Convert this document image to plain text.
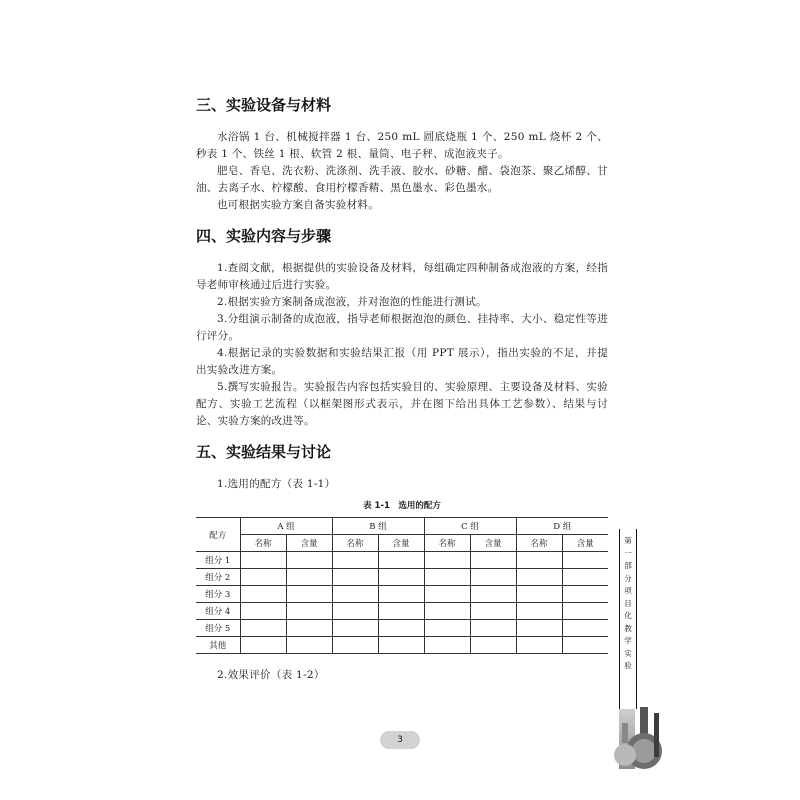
三、实验设备与材料

水浴锅 1 台、机械搅拌器 1 台、250 mL 圆底烧瓶 1 个、250 mL 烧杯 2 个、秒表 1 个、铁丝 1 根、软管 2 根、量筒、电子秤、成泡液夹子。

肥皂、香皂、洗衣粉、洗涤剂、洗手液、胶水、砂糖、醋、袋泡茶、聚乙烯醇、甘油、去离子水、柠檬酸、食用柠檬香精、黑色墨水、彩色墨水。

也可根据实验方案自备实验材料。

四、实验内容与步骤

1.查阅文献，根据提供的实验设备及材料，每组确定四种制备成泡液的方案，经指导老师审核通过后进行实验。

2.根据实验方案制备成泡液，并对泡泡的性能进行测试。

3.分组演示制备的成泡液，指导老师根据泡泡的颜色、挂持率、大小、稳定性等进行评分。

4.根据记录的实验数据和实验结果汇报（用 PPT 展示），指出实验的不足，并提出实验改进方案。

5.撰写实验报告。实验报告内容包括实验目的、实验原理、主要设备及材料、实验配方、实验工艺流程（以框架图形式表示，并在图下给出具体工艺参数）、结果与讨论、实验方案的改进等。

五、实验结果与讨论

1.选用的配方（表 1-1）

表 1-1　选用的配方
配方	A 组		B 组		C 组		D 组	
	名称	含量	名称	含量	名称	含量	名称	含量
组分 1								
组分 2								
组分 3								
组分 4								
组分 5								
其他								

2.效果评价（表 1-2）

第一部分 项目化教学实验
3
